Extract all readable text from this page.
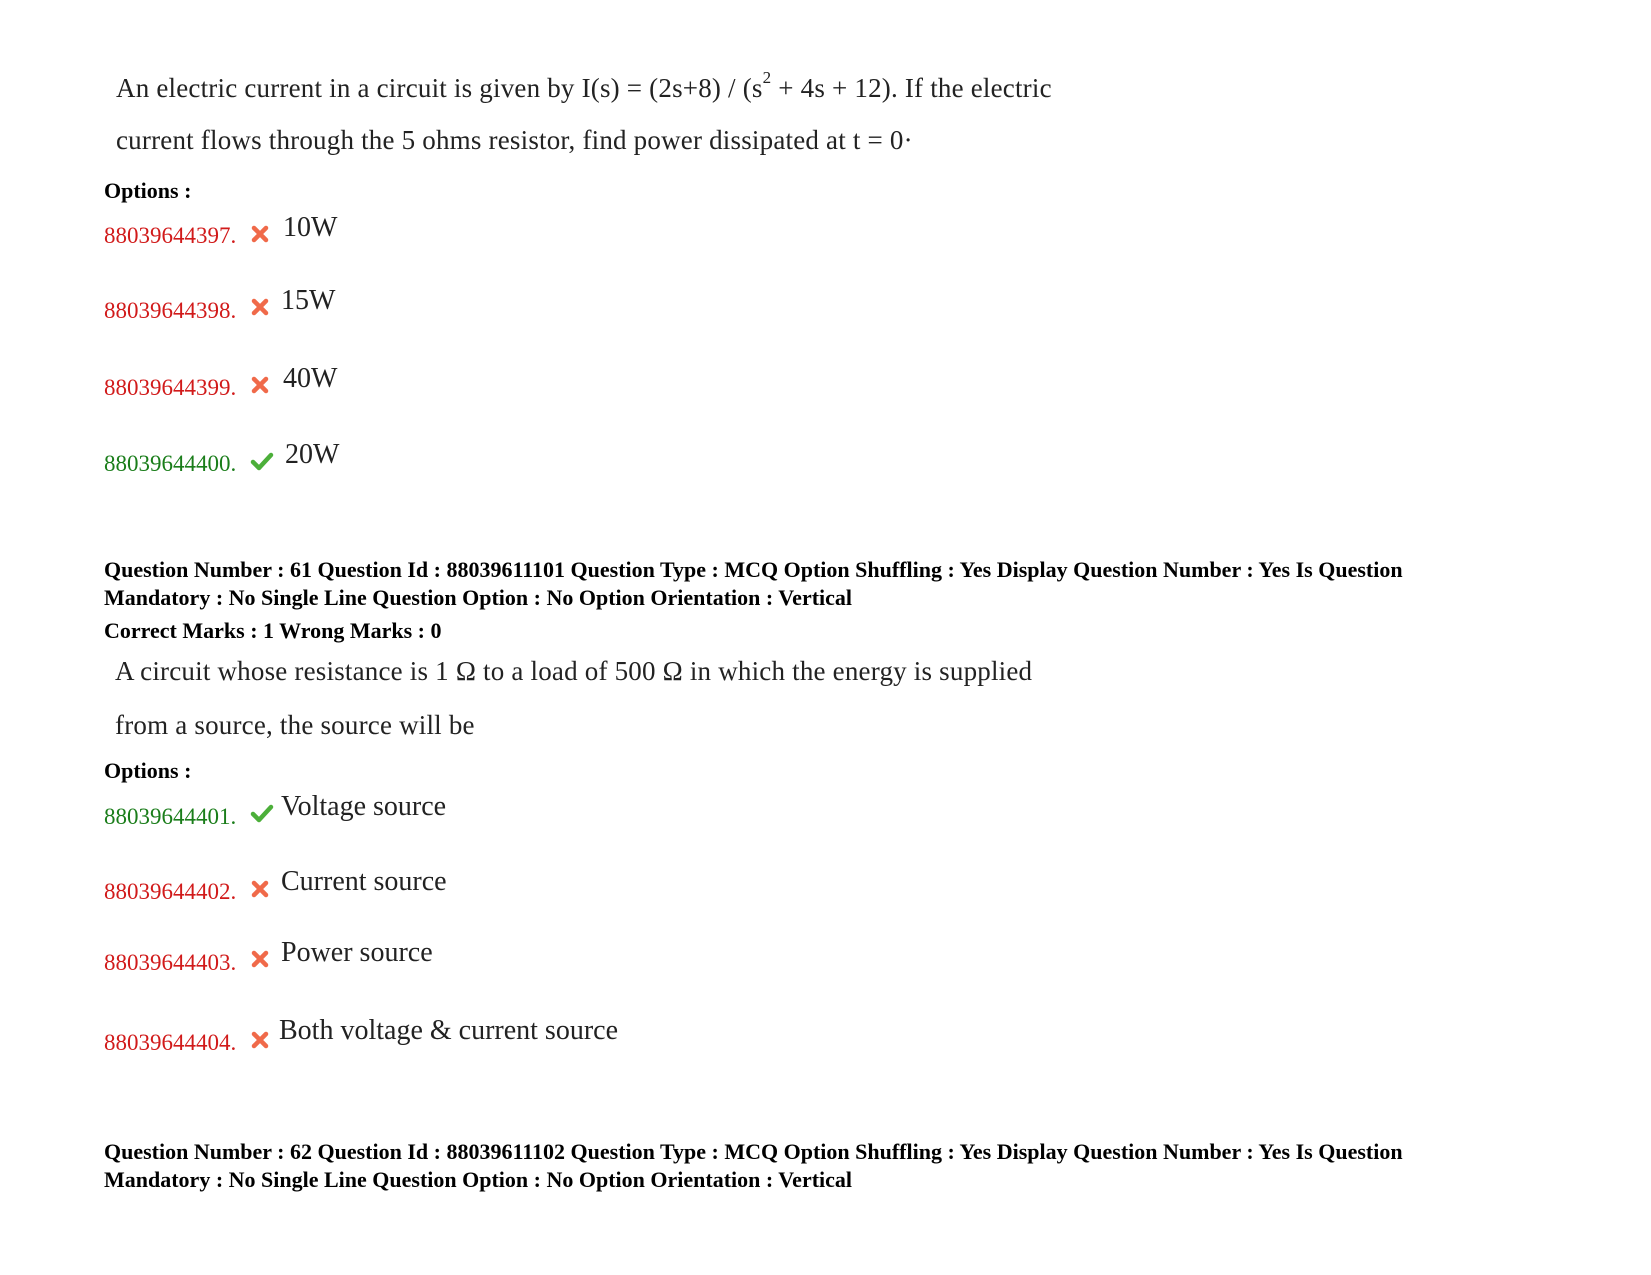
An electric current in a circuit is given by $I(s) = (2s+8) / (s^2 + 4s + 12)$. If the electric
current flows through the 5 ohms resistor, find power dissipated at t = 0·
Options :
88039644397. 10W
88039644398. 15W
88039644399. 40W
88039644400. 20W
Question Number : 61 Question Id : 88039611101 Question Type : MCQ Option Shuffling : Yes Display Question Number : Yes Is Question
Mandatory : No Single Line Question Option : No Option Orientation : Vertical
Correct Marks : 1 Wrong Marks : 0
A circuit whose resistance is 1 Ω to a load of 500 Ω in which the energy is supplied
from a source, the source will be
Options :
88039644401. Voltage source
88039644402. Current source
88039644403. Power source
88039644404. Both voltage & current source
Question Number : 62 Question Id : 88039611102 Question Type : MCQ Option Shuffling : Yes Display Question Number : Yes Is Question
Mandatory : No Single Line Question Option : No Option Orientation : Vertical
